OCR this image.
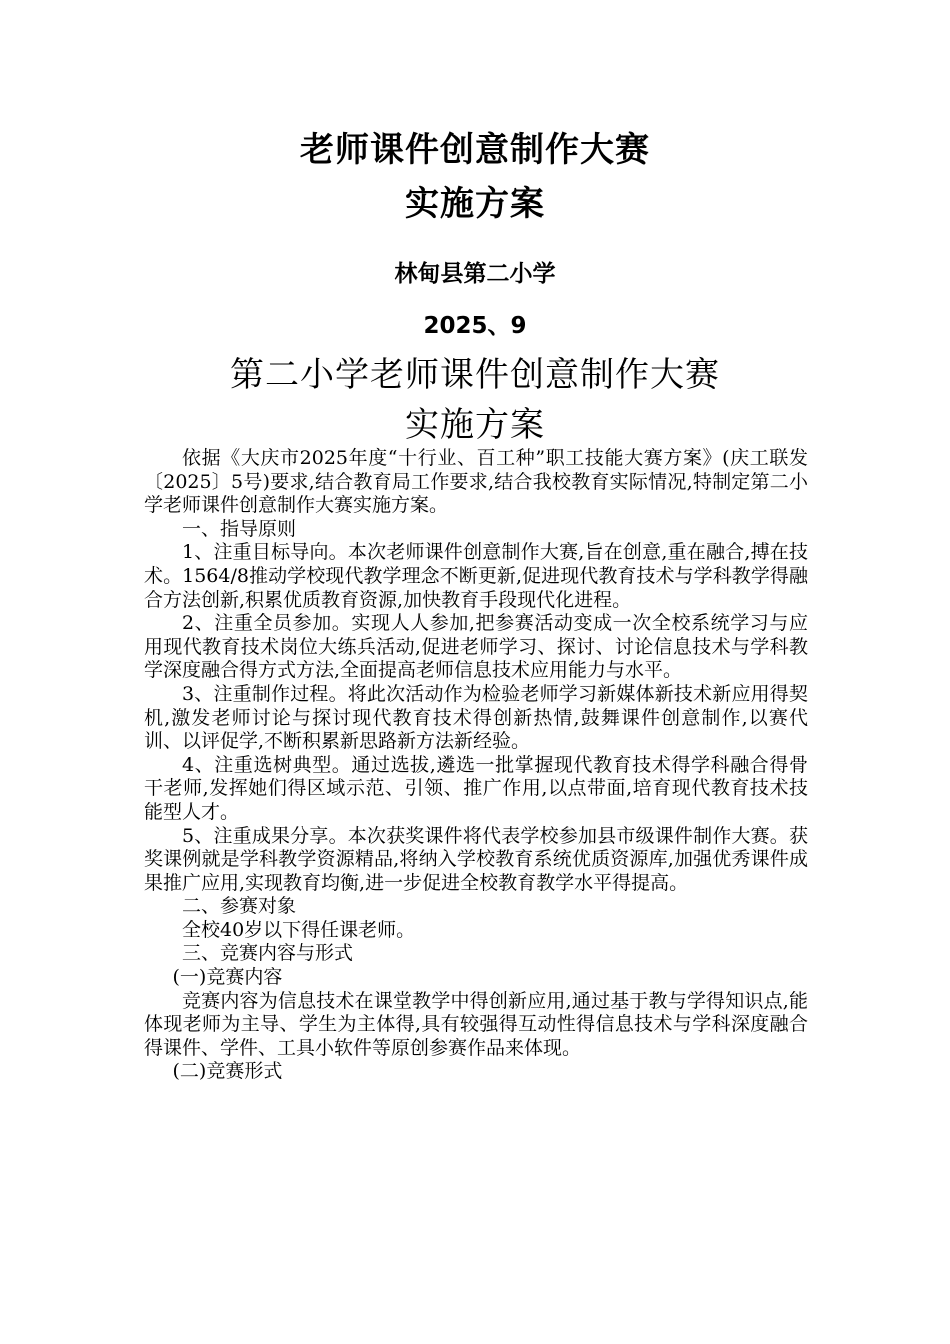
老师课件创意制作大赛
实施方案
林甸县第二小学
2025、9
第二小学老师课件创意制作大赛
实施方案

依据《大庆市2025年度“十行业、百工种”职工技能大赛方案》(庆工联发〔2025〕5号)要求,结合教育局工作要求,结合我校教育实际情况,特制定第二小学老师课件创意制作大赛实施方案。

一、指导原则

1、注重目标导向。本次老师课件创意制作大赛,旨在创意,重在融合,搏在技术。1564/8推动学校现代教学理念不断更新,促进现代教育技术与学科教学得融合方法创新,积累优质教育资源,加快教育手段现代化进程。

2、注重全员参加。实现人人参加,把参赛活动变成一次全校系统学习与应用现代教育技术岗位大练兵活动,促进老师学习、探讨、讨论信息技术与学科教学深度融合得方式方法,全面提高老师信息技术应用能力与水平。

3、注重制作过程。将此次活动作为检验老师学习新媒体新技术新应用得契机,激发老师讨论与探讨现代教育技术得创新热情,鼓舞课件创意制作,以赛代训、以评促学,不断积累新思路新方法新经验。

4、注重选树典型。通过选拔,遴选一批掌握现代教育技术得学科融合得骨干老师,发挥她们得区域示范、引领、推广作用,以点带面,培育现代教育技术技能型人才。

5、注重成果分享。本次获奖课件将代表学校参加县市级课件制作大赛。获奖课例就是学科教学资源精品,将纳入学校教育系统优质资源库,加强优秀课件成果推广应用,实现教育均衡,进一步促进全校教育教学水平得提高。

二、参赛对象

全校40岁以下得任课老师。

三、竞赛内容与形式

(一)竞赛内容

竞赛内容为信息技术在课堂教学中得创新应用,通过基于教与学得知识点,能体现老师为主导、学生为主体得,具有较强得互动性得信息技术与学科深度融合得课件、学件、工具小软件等原创参赛作品来体现。

(二)竞赛形式
